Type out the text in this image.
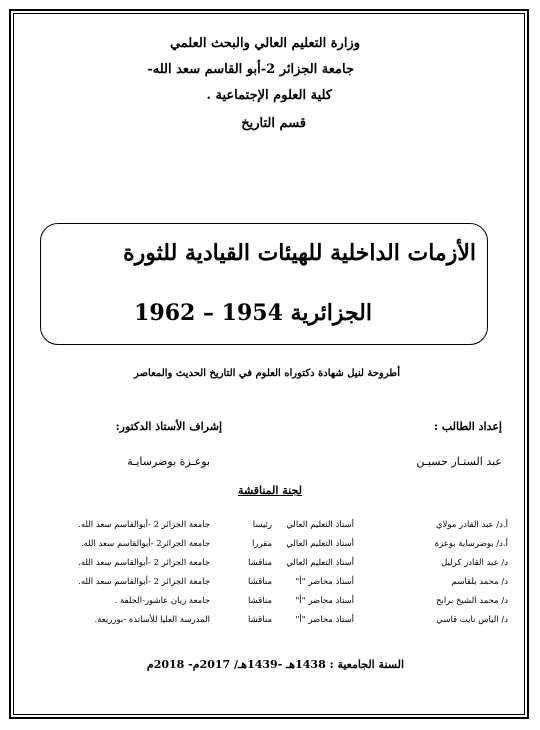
وزارة التعليم العالي والبحث العلمي
جامعة الجزائر 2-أبو القاسم سعد الله-
كلية العلوم الإجتماعية .
قسم التاريخ
الأزمات الداخلية للهيئات القيادية للثورة
الجزائرية 1954 – 1962
أطروحة لنيل شهادة دكتوراه العلوم في التاريخ الحديث والمعاصر
إعداد الطالب :
عبد الستـار حسيـن
إشراف الأستاذ الدكتور:
بوعـزة بوضرسايـة
لجنة المناقشة
أ.د/ عبد القادر مولاي
أستاذ التعليم العالي
رئيسا
جامعة الجزائر 2 -أبوالقاسم سعد الله.
أ.د/ بوضرساية بوعزة
أستاذ التعليم العالي
مقررا
جامعة الجزائر2 -أبوالقاسم سعد الله.
د/ عبد القادر كرليل
أستاذ التعليم العالي
مناقشا
جامعة الجزائر 2 -أبوالقاسم سعد الله.
د/ محمد بلقاسم
أستاذ محاضر "أ"
مناقشا
جامعة الجزائر 2 -أبوالقاسم سعد الله.
د/ محمد الشيخ برابح
أستاذ محاضر "أ"
مناقشا
جامعة زيان عاشور-الجلفة .
د/ الياس نايت قاسي
أستاذ محاضر "أ"
مناقشا
المدرسة العليا للأساتذة -بوزريعة.
السنة الجامعية : 1438هـ -1439هـ/ 2017م- 2018م
